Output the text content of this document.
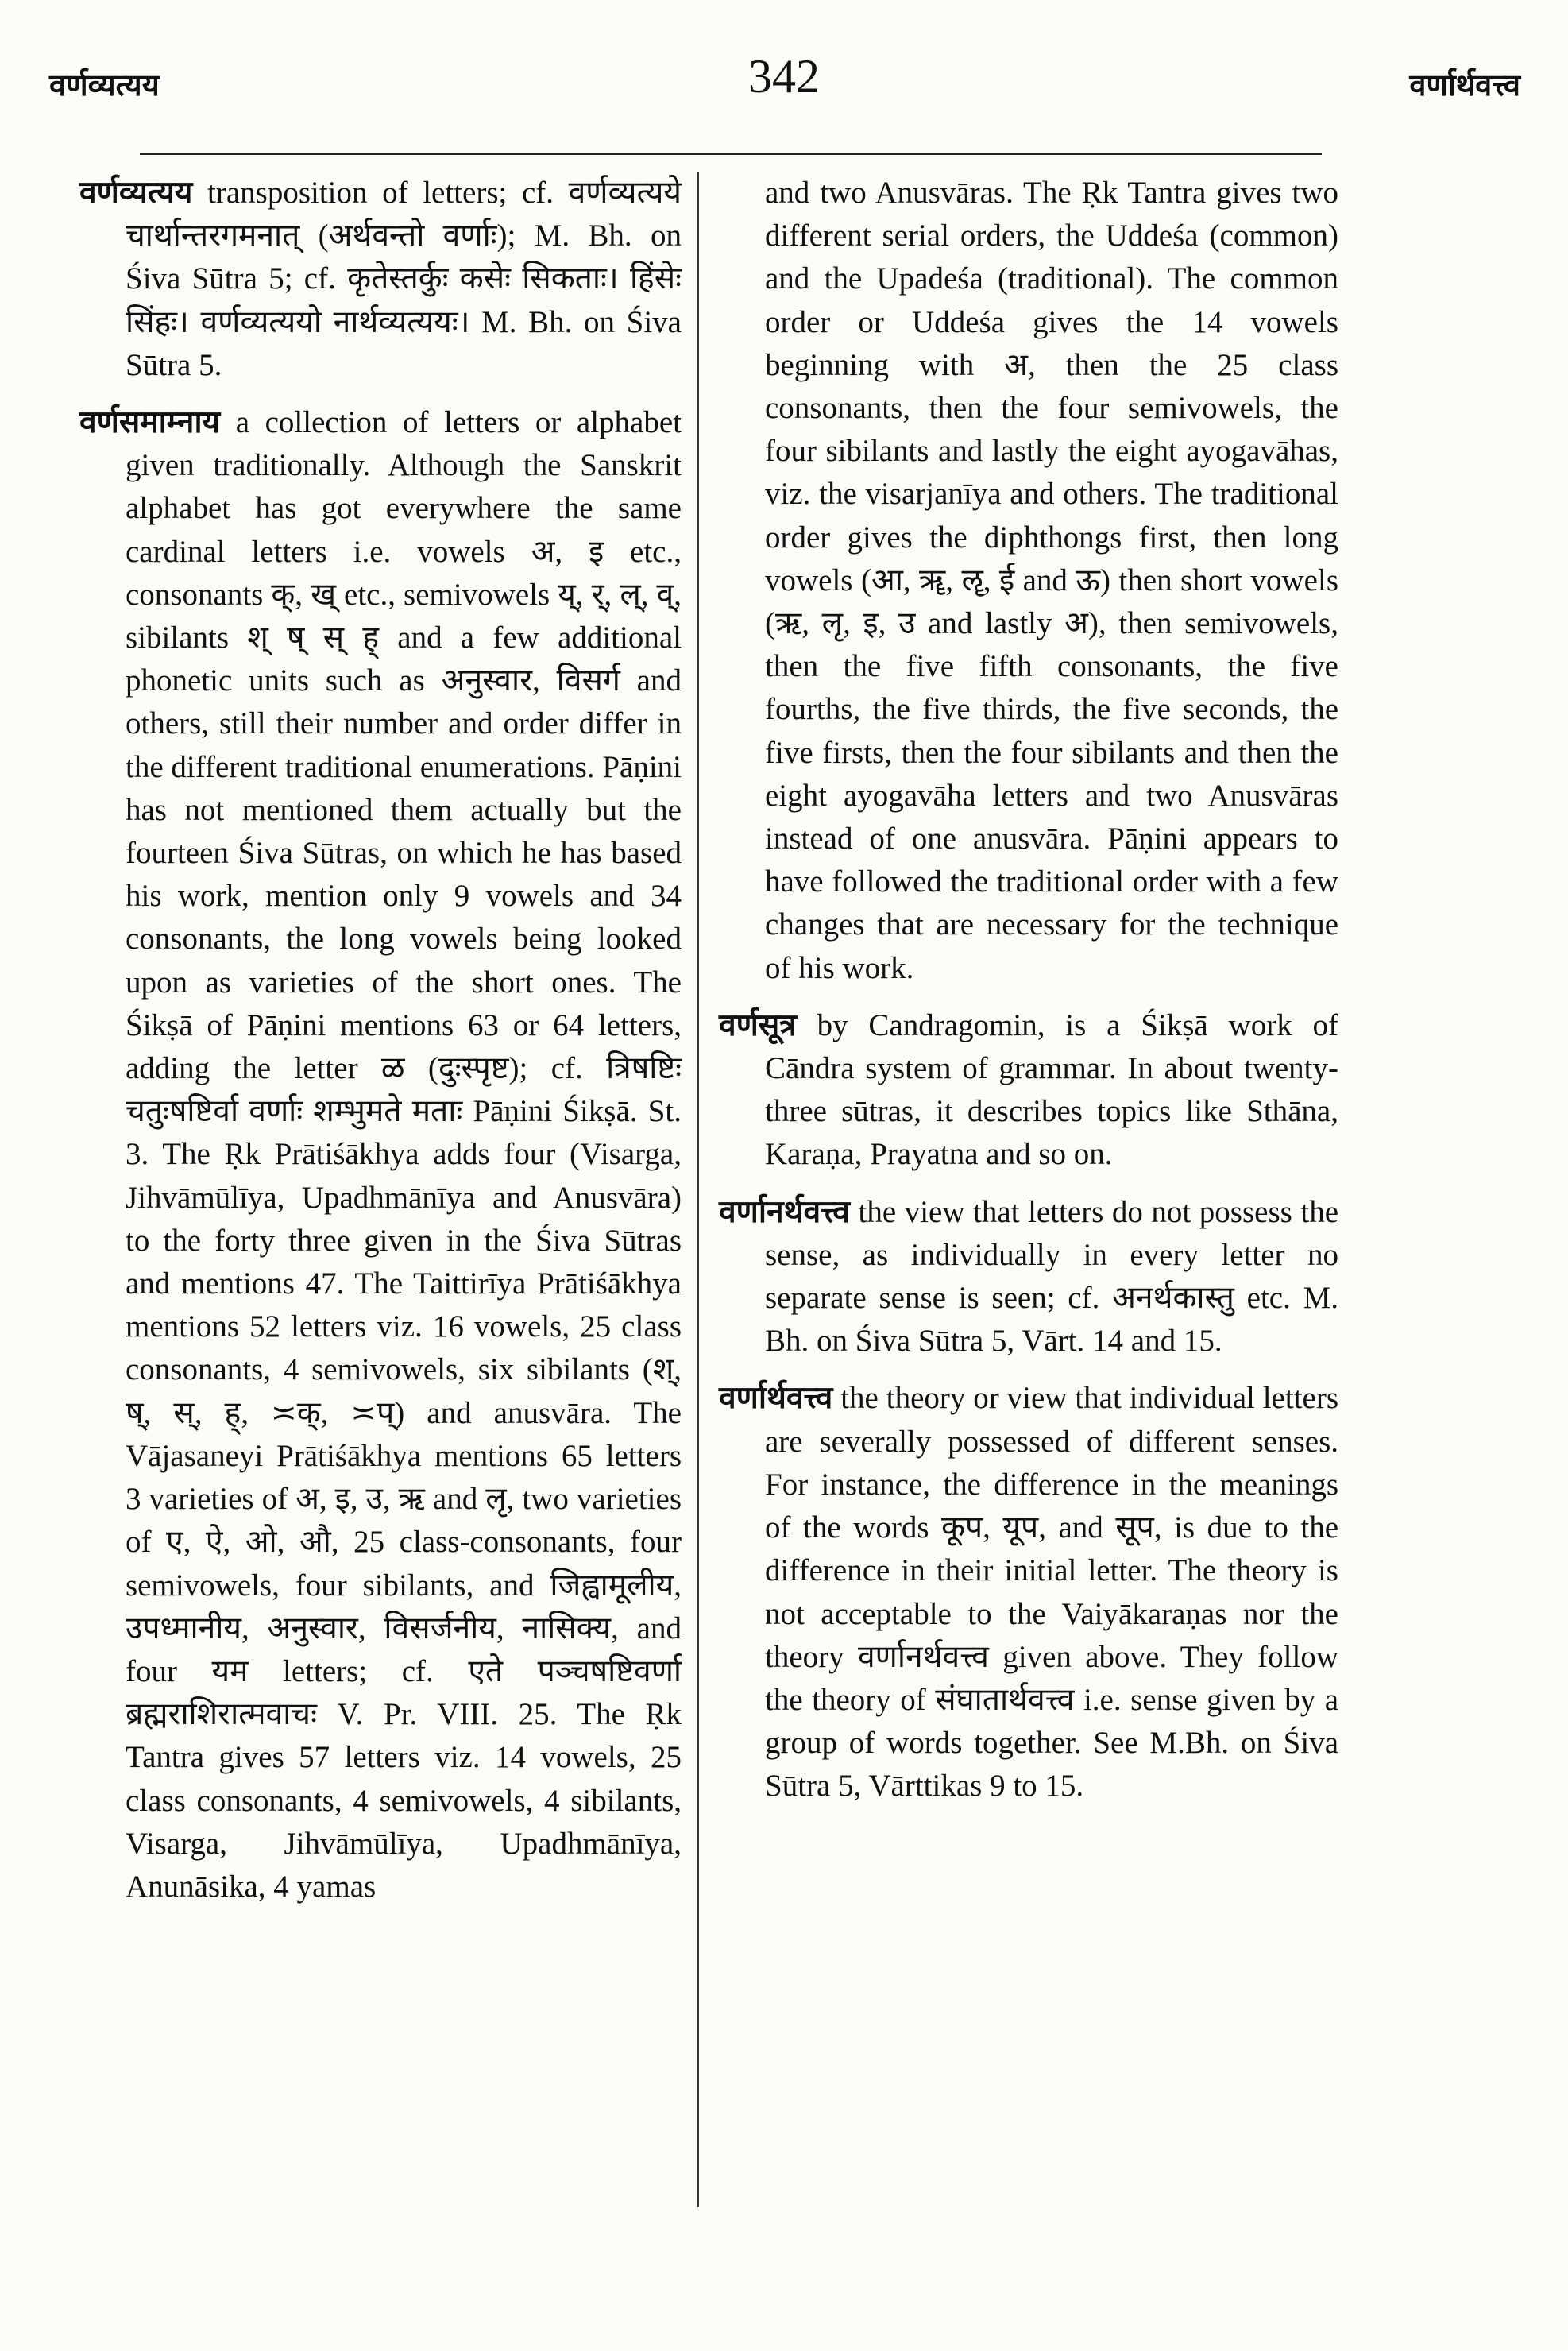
वर्णव्यत्यय	342	वर्णार्थवत्त्व

वर्णव्यत्यय transposition of letters; cf. वर्णव्यत्यये चार्थान्तरगमनात् (अर्थवन्तो वर्णाः); M. Bh. on Śiva Sūtra 5; cf. कृतेस्तर्कुः कसेः सिकताः। हिंसेः सिंहः। वर्णव्यत्ययो नार्थव्यत्ययः। M. Bh. on Śiva Sūtra 5.

वर्णसमाम्नाय a collection of letters or alphabet given traditionally. Although the Sanskrit alphabet has got everywhere the same cardinal letters i.e. vowels अ, इ etc., consonants क्, ख् etc., semivowels य्, र्, ल्, व्, sibilants श् ष् स् ह् and a few additional phonetic units such as अनुस्वार, विसर्ग and others, still their number and order differ in the different traditional enumerations. Pāṇini has not mentioned them actually but the fourteen Śiva Sūtras, on which he has based his work, mention only 9 vowels and 34 consonants, the long vowels being looked upon as varieties of the short ones. The Śikṣā of Pāṇini mentions 63 or 64 letters, adding the letter ळ (दुःस्पृष्ट); cf. त्रिषष्टिः चतुःषष्टिर्वा वर्णाः शम्भुमते मताः Pāṇini Śikṣā. St. 3. The Ṛk Prātiśākhya adds four (Visarga, Jihvāmūlīya, Upadhmānīya and Anusvāra) to the forty three given in the Śiva Sūtras and mentions 47. The Taittirīya Prātiśākhya mentions 52 letters viz. 16 vowels, 25 class consonants, 4 semivowels, six sibilants (श्, ष्, स्, ह्, ≍क्, ≍प्) and anusvāra. The Vājasaneyi Prātiśākhya mentions 65 letters 3 varieties of अ, इ, उ, ऋ and लृ, two varieties of ए, ऐ, ओ, औ, 25 class-consonants, four semivowels, four sibilants, and जिह्वामूलीय, उपध्मानीय, अनुस्वार, विसर्जनीय, नासिक्य, and four यम letters; cf. एते पञ्चषष्टिवर्णा ब्रह्मराशिरात्मवाचः V. Pr. VIII. 25. The Ṛk Tantra gives 57 letters viz. 14 vowels, 25 class consonants, 4 semivowels, 4 sibilants, Visarga, Jihvāmūlīya, Upadhmānīya, Anunāsika, 4 yamas

and two Anusvāras. The Ṛk Tantra gives two different serial orders, the Uddeśa (common) and the Upadeśa (traditional). The common order or Uddeśa gives the 14 vowels beginning with अ, then the 25 class consonants, then the four semivowels, the four sibilants and lastly the eight ayogavāhas, viz. the visarjanīya and others. The traditional order gives the diphthongs first, then long vowels (आ, ॠ, ॡ, ई and ऊ) then short vowels (ऋ, लृ, इ, उ and lastly अ), then semivowels, then the five fifth consonants, the five fourths, the five thirds, the five seconds, the five firsts, then the four sibilants and then the eight ayogavāha letters and two Anusvāras instead of one anusvāra. Pāṇini appears to have followed the traditional order with a few changes that are necessary for the technique of his work.

वर्णसूत्र by Candragomin, is a Śikṣā work of Cāndra system of grammar. In about twenty-three sūtras, it describes topics like Sthāna, Karaṇa, Prayatna and so on.

वर्णानर्थवत्त्व the view that letters do not possess the sense, as individually in every letter no separate sense is seen; cf. अनर्थकास्तु etc. M. Bh. on Śiva Sūtra 5, Vārt. 14 and 15.

वर्णार्थवत्त्व the theory or view that individual letters are severally possessed of different senses. For instance, the difference in the meanings of the words कूप, यूप, and सूप, is due to the difference in their initial letter. The theory is not acceptable to the Vaiyākaraṇas nor the theory वर्णानर्थवत्त्व given above. They follow the theory of संघातार्थवत्त्व i.e. sense given by a group of words together. See M.Bh. on Śiva Sūtra 5, Vārttikas 9 to 15.
